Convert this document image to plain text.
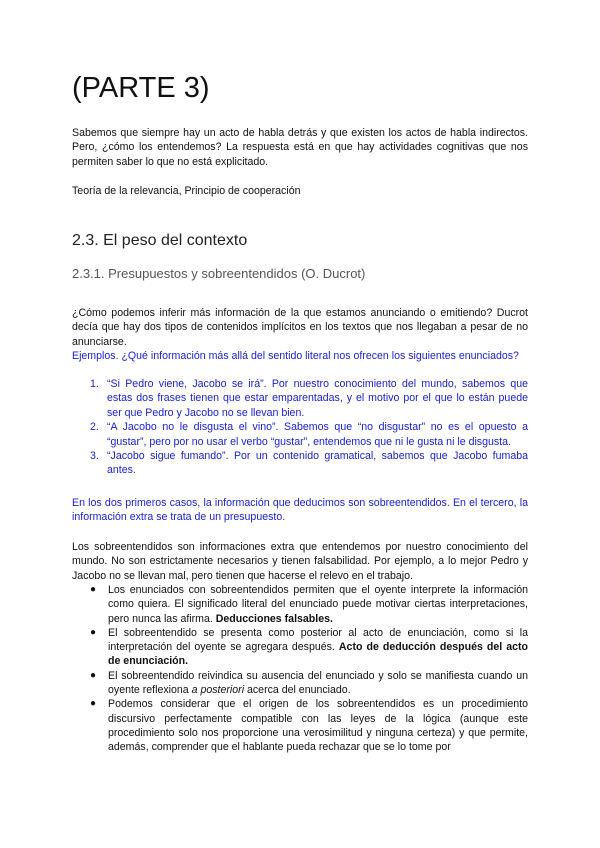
(PARTE 3)

Sabemos que siempre hay un acto de habla detrás y que existen los actos de habla indirectos. Pero, ¿cómo los entendemos? La respuesta está en que hay actividades cognitivas que nos permiten saber lo que no está explicitado.

Teoría de la relevancia, Principio de cooperación

2.3. El peso del contexto
2.3.1. Presupuestos y sobreentendidos (O. Ducrot)

¿Cómo podemos inferir más información de la que estamos anunciando o emitiendo? Ducrot decía que hay dos tipos de contenidos implícitos en los textos que nos llegaban a pesar de no anunciarse.

Ejemplos. ¿Qué información más allá del sentido literal nos ofrecen los siguientes enunciados?

1. “Si Pedro viene, Jacobo se irá”. Por nuestro conocimiento del mundo, sabemos que estas dos frases tienen que estar emparentadas, y el motivo por el que lo están puede ser que Pedro y Jacobo no se llevan bien.
2. “A Jacobo no le disgusta el vino”. Sabemos que “no disgustar” no es el opuesto a “gustar”, pero por no usar el verbo “gustar”, entendemos que ni le gusta ni le disgusta.
3. “Jacobo sigue fumando”. Por un contenido gramatical, sabemos que Jacobo fumaba antes.

En los dos primeros casos, la información que deducimos son sobreentendidos. En el tercero, la información extra se trata de un presupuesto.

Los sobreentendidos son informaciones extra que entendemos por nuestro conocimiento del mundo. No son estrictamente necesarios y tienen falsabilidad. Por ejemplo, a lo mejor Pedro y Jacobo no se llevan mal, pero tienen que hacerse el relevo en el trabajo.

● Los enunciados con sobreentendidos permiten que el oyente interprete la información como quiera. El significado literal del enunciado puede motivar ciertas interpretaciones, pero nunca las afirma. Deducciones falsables.
● El sobreentendido se presenta como posterior al acto de enunciación, como si la interpretación del oyente se agregara después. Acto de deducción después del acto de enunciación.
● El sobreentendido reivindica su ausencia del enunciado y solo se manifiesta cuando un oyente reflexiona a posteriori acerca del enunciado.
● Podemos considerar que el origen de los sobreentendidos es un procedimiento discursivo perfectamente compatible con las leyes de la lógica (aunque este procedimiento solo nos proporcione una verosimilitud y ninguna certeza) y que permite, además, comprender que el hablante pueda rechazar que se lo tome por
